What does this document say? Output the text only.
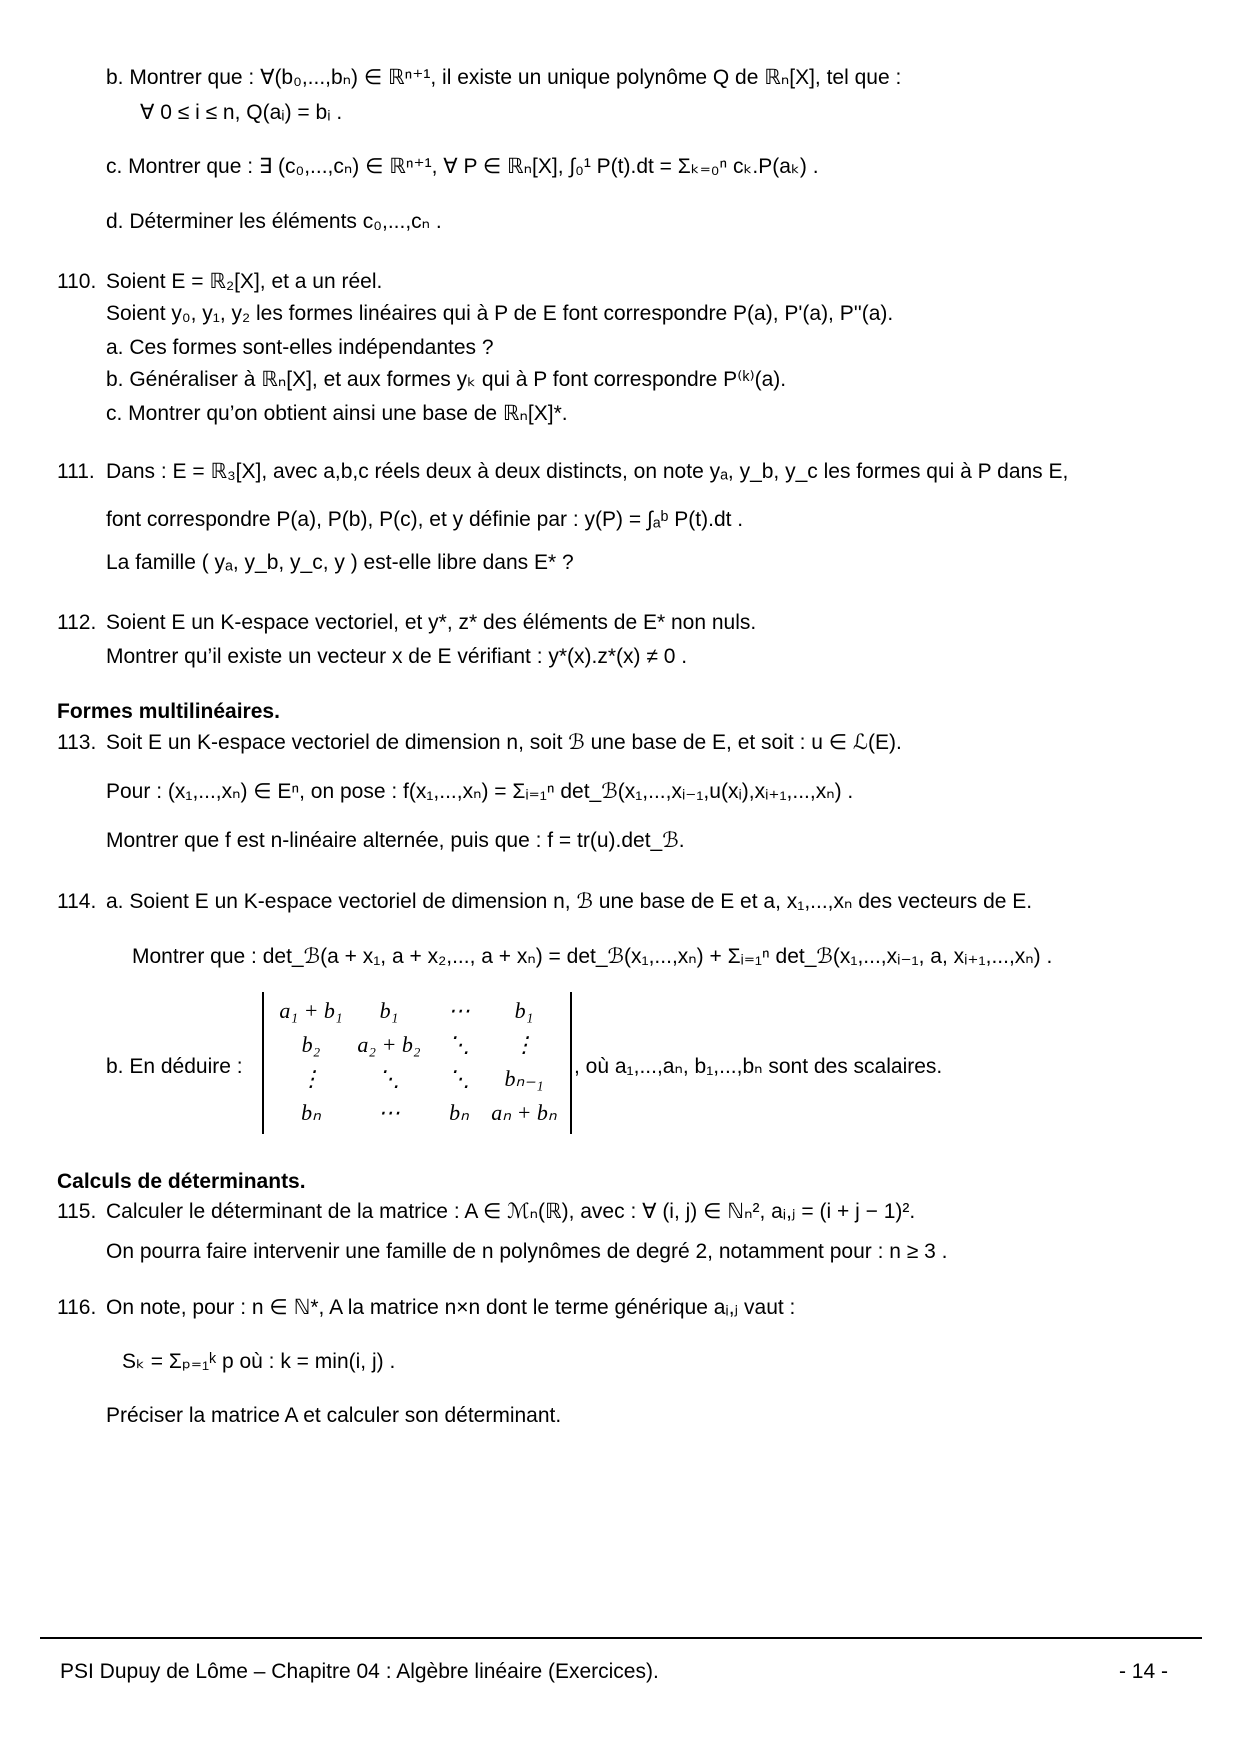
b. Montrer que : ∀(b₀,...,bₙ) ∈ ℝⁿ⁺¹, il existe un unique polynôme Q de ℝₙ[X], tel que :
∀ 0 ≤ i ≤ n, Q(aᵢ) = bᵢ .
c. Montrer que : ∃ (c₀,...,cₙ) ∈ ℝⁿ⁺¹, ∀ P ∈ ℝₙ[X], ∫₀¹ P(t).dt = Σₖ₌₀ⁿ cₖ.P(aₖ) .
d. Déterminer les éléments c₀,...,cₙ .
110. Soient E = ℝ₂[X], et a un réel.
Soient y₀, y₁, y₂ les formes linéaires qui à P de E font correspondre P(a), P'(a), P''(a).
a. Ces formes sont-elles indépendantes ?
b. Généraliser à ℝₙ[X], et aux formes yₖ qui à P font correspondre P⁽ᵏ⁾(a).
c. Montrer qu’on obtient ainsi une base de ℝₙ[X]*.
111. Dans : E = ℝ₃[X], avec a,b,c réels deux à deux distincts, on note yₐ, y_b, y_c les formes qui à P dans E,
font correspondre P(a), P(b), P(c), et y définie par : y(P) = ∫ₐᵇ P(t).dt .
La famille ( yₐ, y_b, y_c, y ) est-elle libre dans E* ?
112. Soient E un K-espace vectoriel, et y*, z* des éléments de E* non nuls.
Montrer qu’il existe un vecteur x de E vérifiant : y*(x).z*(x) ≠ 0 .
Formes multilinéaires.
113. Soit E un K-espace vectoriel de dimension n, soit ℬ une base de E, et soit : u ∈ ℒ(E).
Pour : (x₁,...,xₙ) ∈ Eⁿ, on pose : f(x₁,...,xₙ) = Σᵢ₌₁ⁿ det_ℬ(x₁,...,xᵢ₋₁,u(xᵢ),xᵢ₊₁,...,xₙ) .
Montrer que f est n-linéaire alternée, puis que : f = tr(u).det_ℬ.
114. a. Soient E un K-espace vectoriel de dimension n, ℬ une base de E et a, x₁,...,xₙ des vecteurs de E.
Montrer que : det_ℬ(a + x₁, a + x₂,..., a + xₙ) = det_ℬ(x₁,...,xₙ) + Σᵢ₌₁ⁿ det_ℬ(x₁,...,xᵢ₋₁, a, xᵢ₊₁,...,xₙ) .
b. En déduire :
a₁ + b₁	b₁	⋯	b₁
b₂	a₂ + b₂	⋱	⋮
⋮	⋱	⋱	bₙ₋₁
bₙ	⋯	bₙ	aₙ + bₙ
, où a₁,...,aₙ, b₁,...,bₙ sont des scalaires.
Calculs de déterminants.
115. Calculer le déterminant de la matrice : A ∈ ℳₙ(ℝ), avec : ∀ (i, j) ∈ ℕₙ², aᵢ,ⱼ = (i + j − 1)².
On pourra faire intervenir une famille de n polynômes de degré 2, notamment pour : n ≥ 3 .
116. On note, pour : n ∈ ℕ*, A la matrice n×n dont le terme générique aᵢ,ⱼ vaut :
Sₖ = Σₚ₌₁ᵏ p où : k = min(i, j) .
Préciser la matrice A et calculer son déterminant.
PSI Dupuy de Lôme – Chapitre 04 : Algèbre linéaire (Exercices).	- 14 -
